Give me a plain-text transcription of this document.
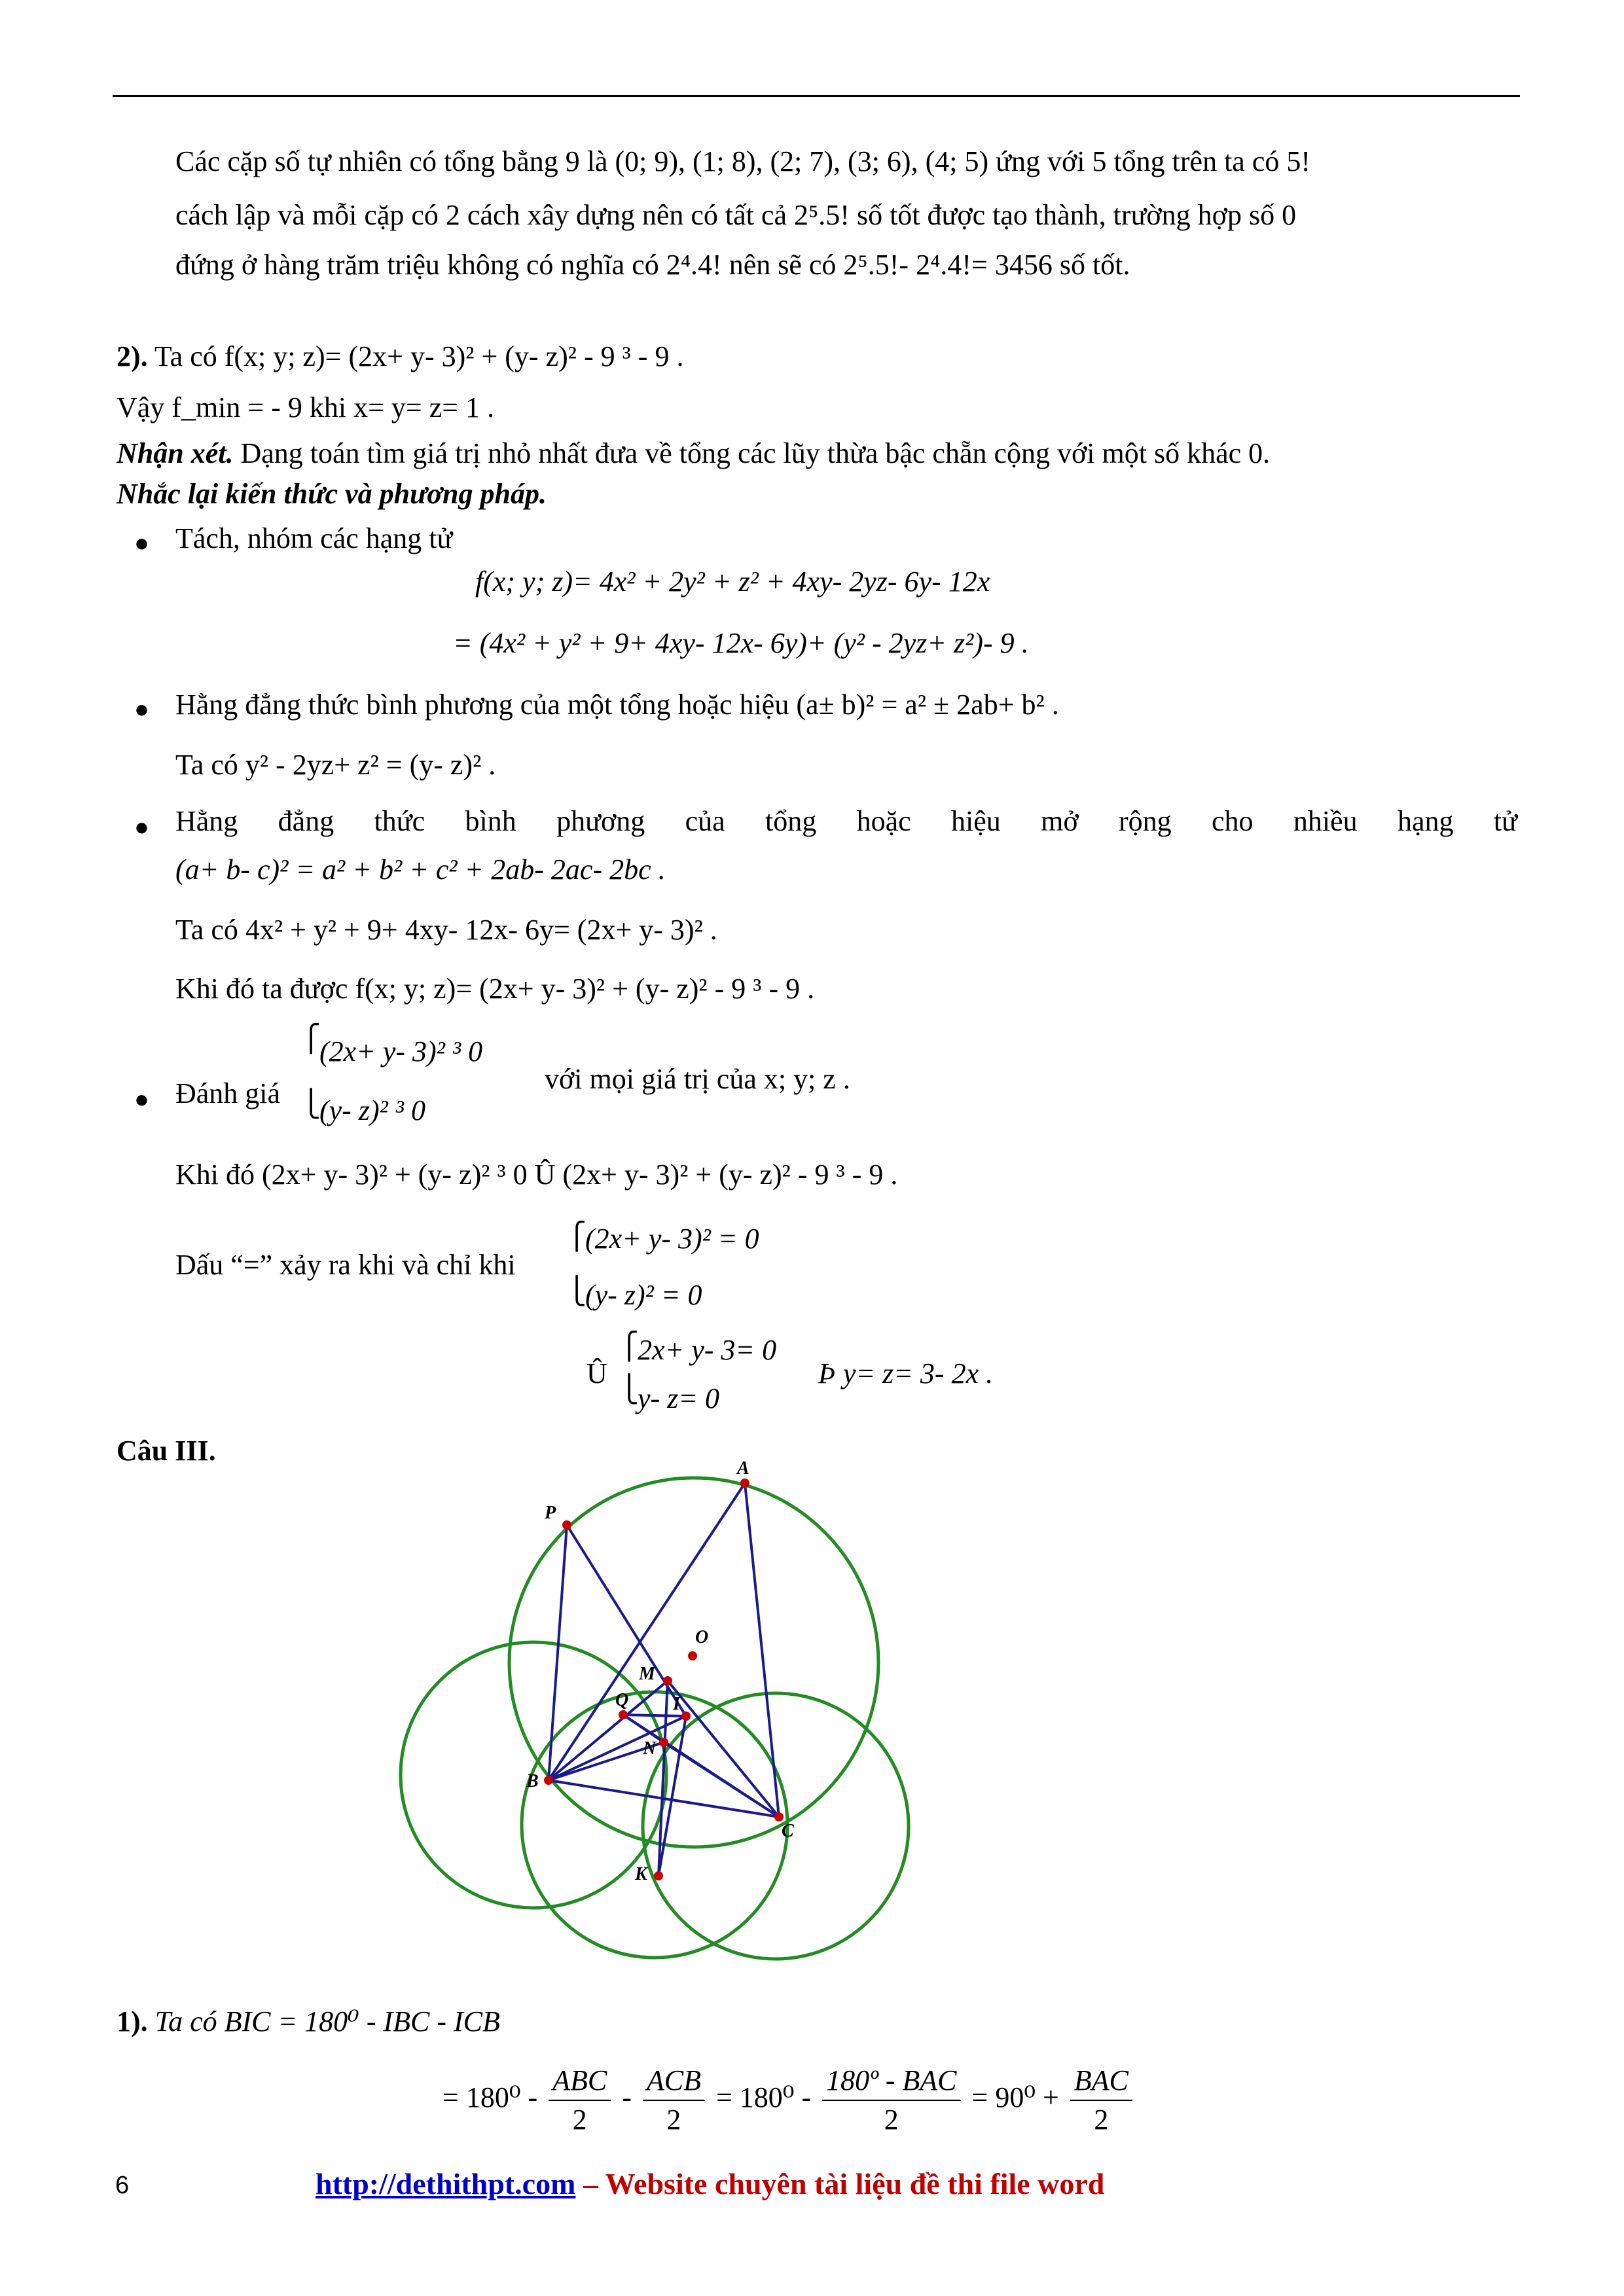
Các cặp số tự nhiên có tổng bằng 9 là (0; 9), (1; 8), (2; 7), (3; 6), (4; 5) ứng với 5 tổng trên ta có 5!
cách lập và mỗi cặp có 2 cách xây dựng nên có tất cả 2⁵.5! số tốt được tạo thành, trường hợp số 0
đứng ở hàng trăm triệu không có nghĩa có 2⁴.4! nên sẽ có 2⁵.5!- 2⁴.4!= 3456 số tốt.
2). Ta có f(x; y; z)= (2x+ y- 3)² + (y- z)² - 9 ³ - 9 .
Vậy f_min = - 9 khi x= y= z= 1 .
Nhận xét. Dạng toán tìm giá trị nhỏ nhất đưa về tổng các lũy thừa bậc chẵn cộng với một số khác 0.
Nhắc lại kiến thức và phương pháp.
● Tách, nhóm các hạng tử
f(x; y; z)= 4x² + 2y² + z² + 4xy- 2yz- 6y- 12x
= (4x² + y² + 9+ 4xy- 12x- 6y)+ (y² - 2yz+ z²)- 9 .
● Hằng đẳng thức bình phương của một tổng hoặc hiệu (a± b)² = a² ± 2ab+ b² .
Ta có y² - 2yz+ z² = (y- z)² .
● Hằng đẳng thức bình phương của tổng hoặc hiệu mở rộng cho nhiều hạng tử
(a+ b- c)² = a² + b² + c² + 2ab- 2ac- 2bc .
Ta có 4x² + y² + 9+ 4xy- 12x- 6y= (2x+ y- 3)² .
Khi đó ta được f(x; y; z)= (2x+ y- 3)² + (y- z)² - 9 ³ - 9 .
● Đánh giá
⎧
⎩
(2x+ y- 3)² ³ 0
(y- z)² ³ 0
với mọi giá trị của x; y; z .
Khi đó (2x+ y- 3)² + (y- z)² ³ 0 Û (2x+ y- 3)² + (y- z)² - 9 ³ - 9 .
Dấu “=” xảy ra khi và chỉ khi
⎧
⎩
(2x+ y- 3)² = 0
(y- z)² = 0
Û
⎧
⎩
2x+ y- 3= 0
y- z= 0
Þ y= z= 3- 2x .
Câu III.
A
P
O
M
Q I
N
B
C
K
1). Ta có BIC = 180⁰ - IBC - ICB
= $180^0 - \frac{\text{ABC}}{2} - \frac{\text{ACB}}{2} = 180^0 - \frac{\text{180º - BAC}}{2} = 90^0 + \frac{\text{BAC}}{2}$
6	http://dethithpt.com – Website chuyên tài liệu đề thi file word
